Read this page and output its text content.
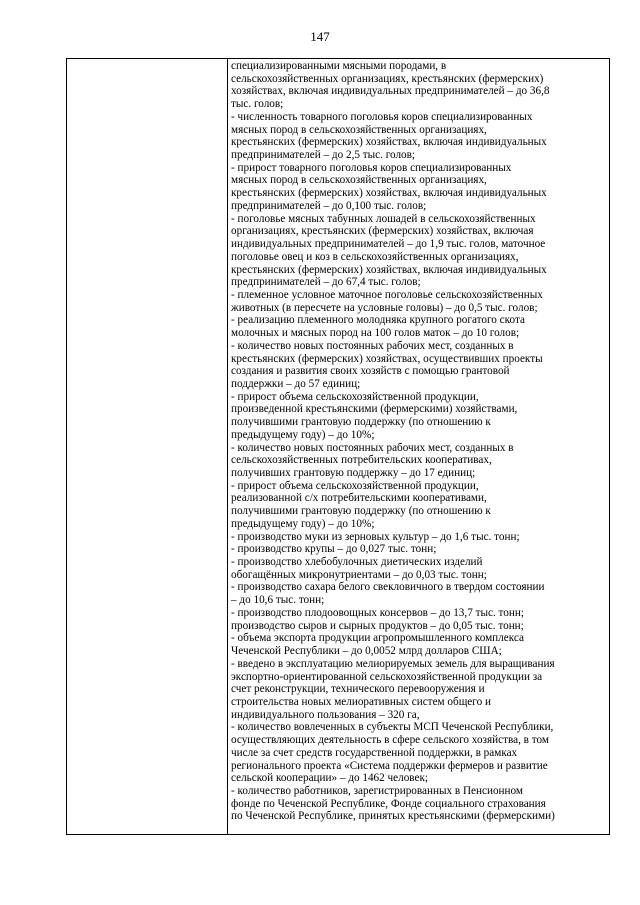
147
специализированными мясными породами, в
сельскохозяйственных организациях, крестьянских (фермерских)
хозяйствах, включая индивидуальных предпринимателей – до 36,8
тыс. голов;
- численность товарного поголовья коров специализированных
мясных пород в сельскохозяйственных организациях,
крестьянских (фермерских) хозяйствах, включая индивидуальных
предпринимателей – до 2,5 тыс. голов;
- прирост товарного поголовья коров специализированных
мясных пород в сельскохозяйственных организациях,
крестьянских (фермерских) хозяйствах, включая индивидуальных
предпринимателей – до 0,100 тыс. голов;
- поголовье мясных табунных лошадей в сельскохозяйственных
организациях, крестьянских (фермерских) хозяйствах, включая
индивидуальных предпринимателей – до 1,9 тыс. голов, маточное
поголовье овец и коз в сельскохозяйственных организациях,
крестьянских (фермерских) хозяйствах, включая индивидуальных
предпринимателей – до 67,4 тыс. голов;
- племенное условное маточное поголовье сельскохозяйственных
животных (в пересчете на условные головы) – до 0,5 тыс. голов;
- реализацию племенного молодняка крупного рогатого скота
молочных и мясных пород на 100 голов маток – до 10 голов;
- количество новых постоянных рабочих мест, созданных в
крестьянских (фермерских) хозяйствах, осуществивших проекты
создания и развития своих хозяйств с помощью грантовой
поддержки – до 57 единиц;
- прирост объема сельскохозяйственной продукции,
произведенной крестьянскими (фермерскими) хозяйствами,
получившими грантовую поддержку (по отношению к
предыдущему году) – до 10%;
- количество новых постоянных рабочих мест, созданных в
сельскохозяйственных потребительских кооперативах,
получивших грантовую поддержку – до 17 единиц;
- прирост объема сельскохозяйственной продукции,
реализованной с/х потребительскими кооперативами,
получившими грантовую поддержку (по отношению к
предыдущему году) – до 10%;
- производство муки из зерновых культур – до 1,6 тыс. тонн;
- производство крупы – до 0,027 тыс. тонн;
- производство хлебобулочных диетических изделий
обогащённых микронутриентами – до 0,03 тыс. тонн;
- производство сахара белого свекловичного в твердом состоянии
– до 10,6 тыс. тонн;
- производство плодоовощных консервов – до 13,7 тыс. тонн;
производство сыров и сырных продуктов – до 0,05 тыс. тонн;
- объема экспорта продукции агропромышленного комплекса
Чеченской Республики – до 0,0052 млрд долларов США;
- введено в эксплуатацию мелиорируемых земель для выращивания
экспортно-ориентированной сельскохозяйственной продукции за
счет реконструкции, технического перевооружения и
строительства новых мелиоративных систем общего и
индивидуального пользования – 320 га,
- количество вовлеченных в субъекты МСП Чеченской Республики,
осуществляющих деятельность в сфере сельского хозяйства, в том
числе за счет средств государственной поддержки, в рамках
регионального проекта «Система поддержки фермеров и развитие
сельской кооперации» – до 1462 человек;
- количество работников, зарегистрированных в Пенсионном
фонде по Чеченской Республике, Фонде социального страхования
по Чеченской Республике, принятых крестьянскими (фермерскими)
